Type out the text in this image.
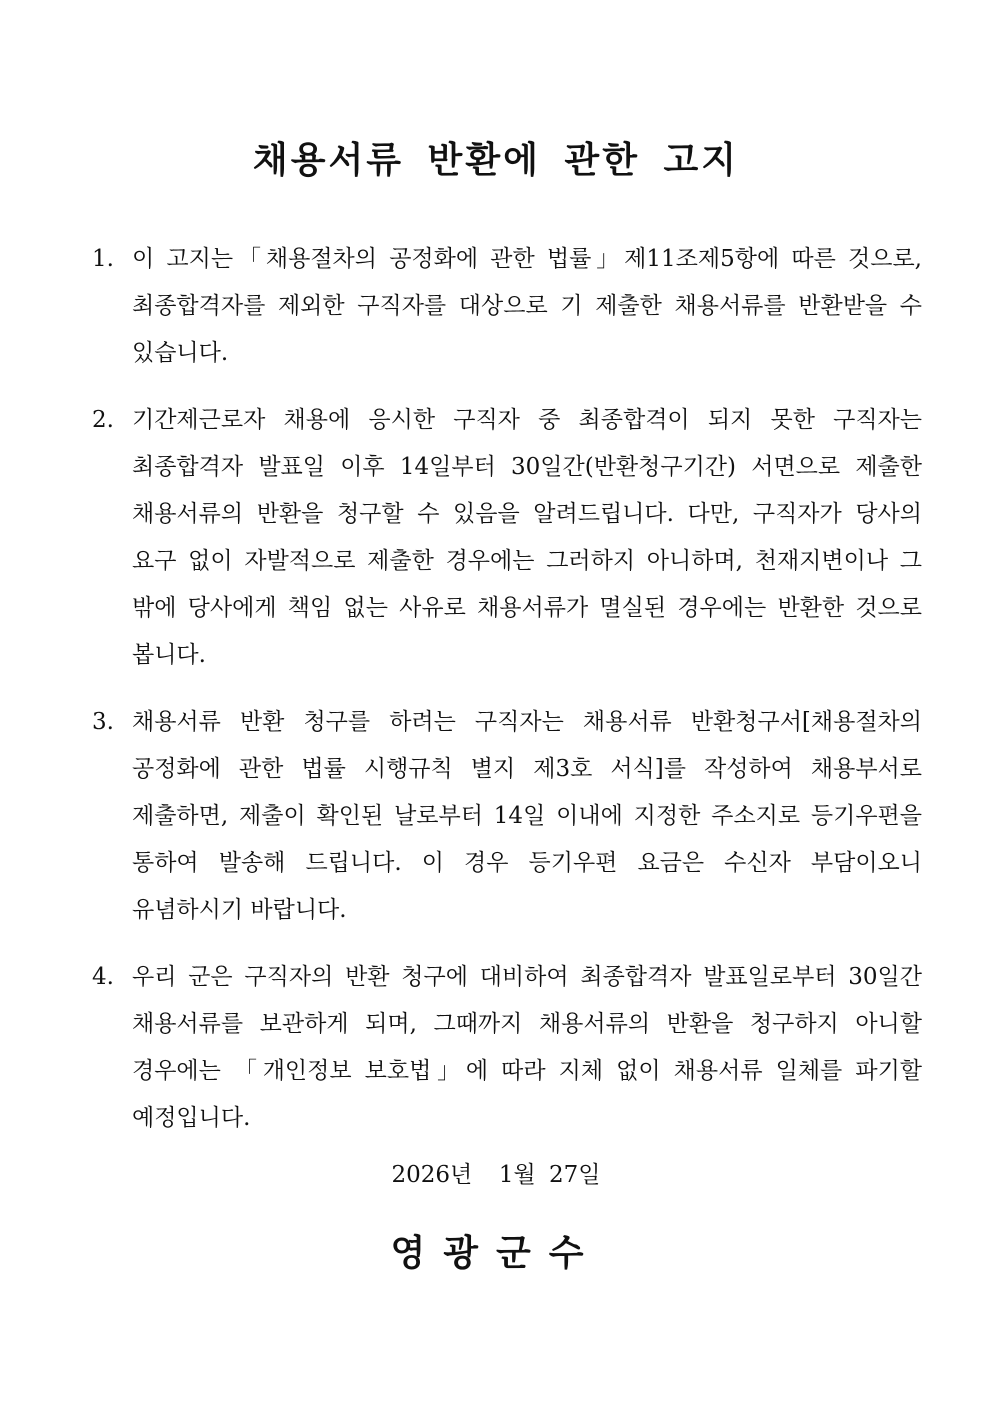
채용서류 반환에 관한 고지
1. 이 고지는「채용절차의 공정화에 관한 법률」제11조제5항에 따른 것으로, 최종합격자를 제외한 구직자를 대상으로 기 제출한 채용서류를 반환받을 수 있습니다.
2. 기간제근로자 채용에 응시한 구직자 중 최종합격이 되지 못한 구직자는 최종합격자 발표일 이후 14일부터 30일간(반환청구기간) 서면으로 제출한 채용서류의 반환을 청구할 수 있음을 알려드립니다. 다만, 구직자가 당사의 요구 없이 자발적으로 제출한 경우에는 그러하지 아니하며, 천재지변이나 그 밖에 당사에게 책임 없는 사유로 채용서류가 멸실된 경우에는 반환한 것으로 봅니다.
3. 채용서류 반환 청구를 하려는 구직자는 채용서류 반환청구서[채용절차의 공정화에 관한 법률 시행규칙 별지 제3호 서식]를 작성하여 채용부서로 제출하면, 제출이 확인된 날로부터 14일 이내에 지정한 주소지로 등기우편을 통하여 발송해 드립니다. 이 경우 등기우편 요금은 수신자 부담이오니 유념하시기 바랍니다.
4. 우리 군은 구직자의 반환 청구에 대비하여 최종합격자 발표일로부터 30일간 채용서류를 보관하게 되며, 그때까지 채용서류의 반환을 청구하지 아니할 경우에는 「개인정보 보호법」에 따라 지체 없이 채용서류 일체를 파기할 예정입니다.
2026년  1월 27일
영광군수
